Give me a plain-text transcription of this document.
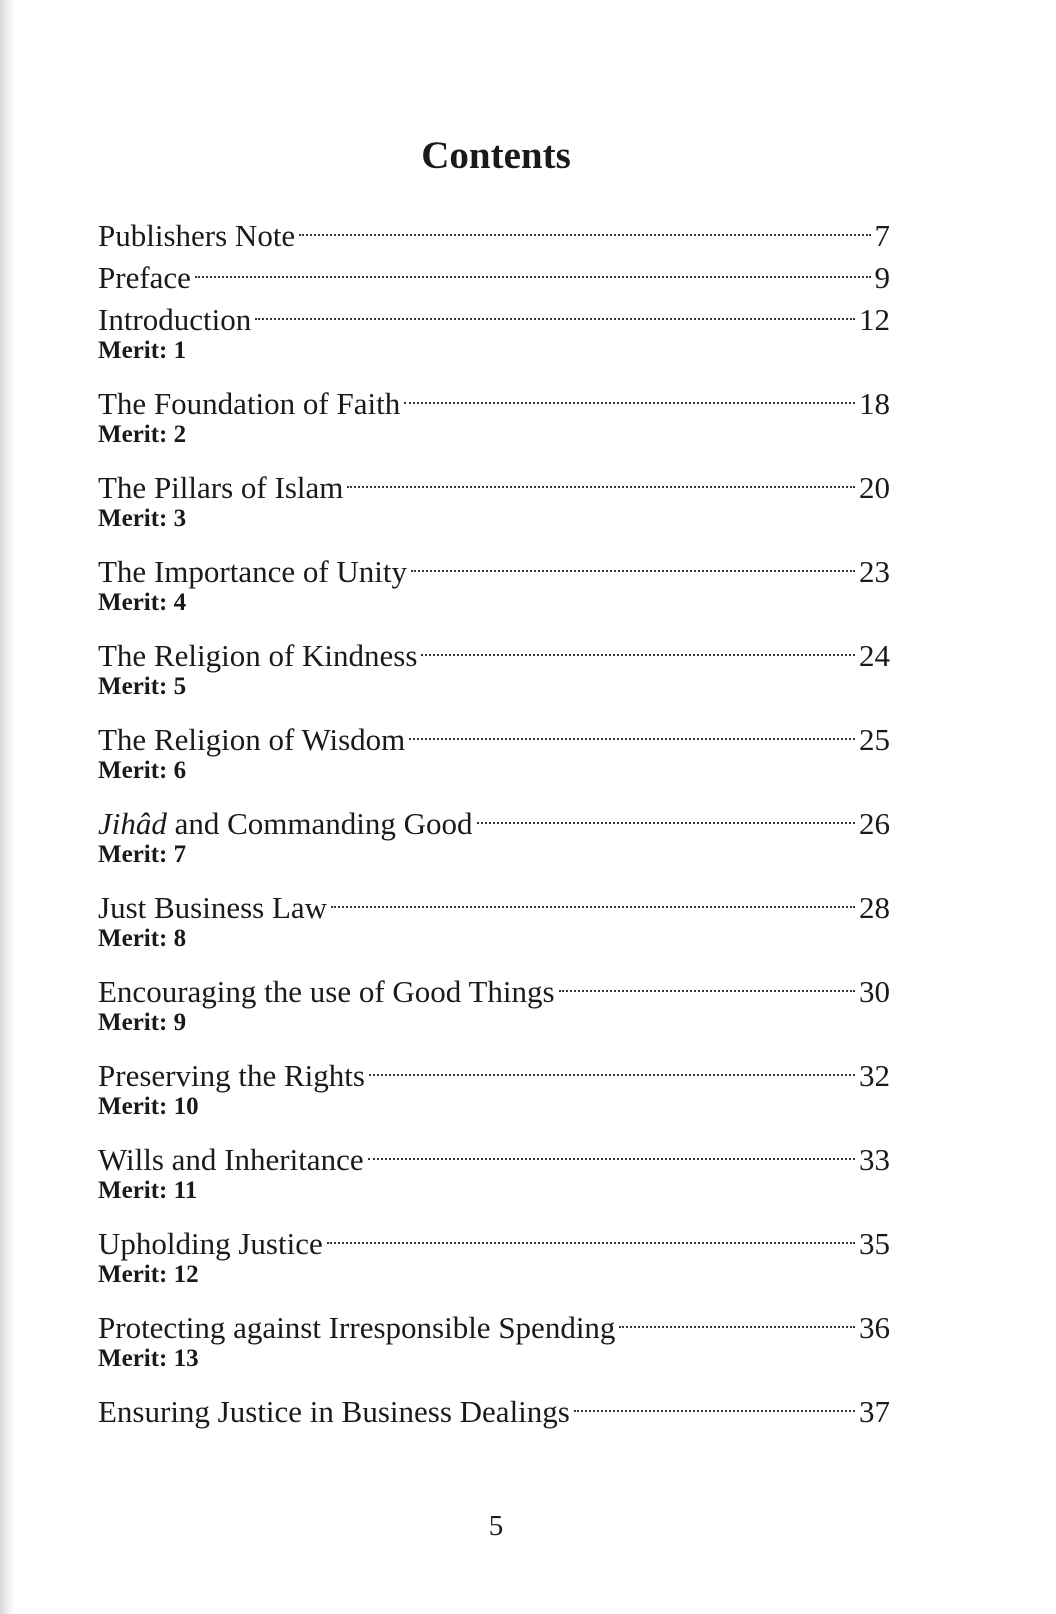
Contents
Publishers Note	7
Preface	9
Introduction	12
Merit: 1
The Foundation of Faith	18
Merit: 2
The Pillars of Islam	20
Merit: 3
The Importance of Unity	23
Merit: 4
The Religion of Kindness	24
Merit: 5
The Religion of Wisdom	25
Merit: 6
Jihâd and Commanding Good	26
Merit: 7
Just Business Law	28
Merit: 8
Encouraging the use of Good Things	30
Merit: 9
Preserving the Rights	32
Merit: 10
Wills and Inheritance	33
Merit: 11
Upholding Justice	35
Merit: 12
Protecting against Irresponsible Spending	36
Merit: 13
Ensuring Justice in Business Dealings	37
5
